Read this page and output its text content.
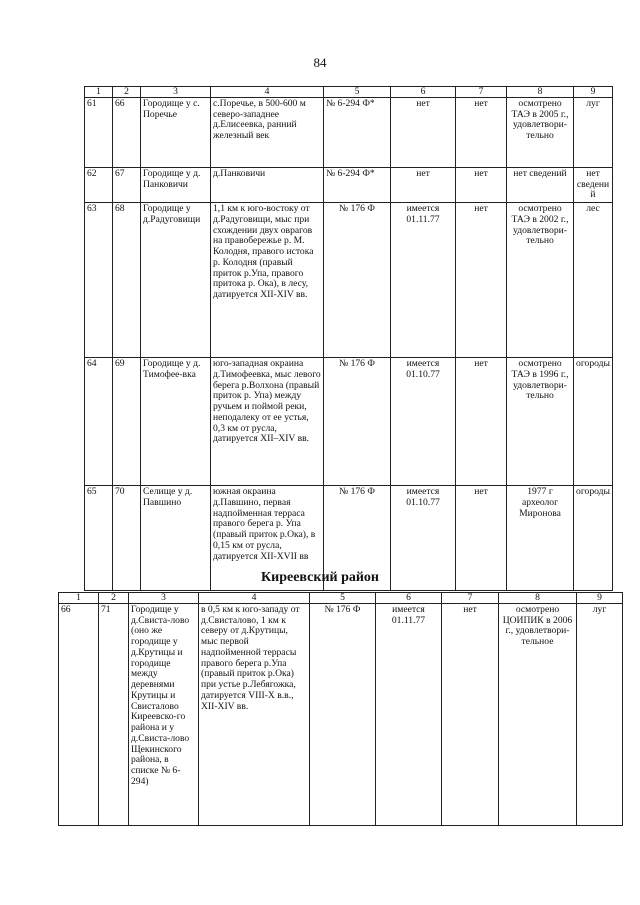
84
1	2	3	4	5	6	7	8	9
61	66	Городище у с. Поречье	с.Поречье, в 500-600 м северо-западнее д.Елисеевка, ранний железный век	№ 6-294 Ф*	нет	нет	осмотрено ТАЭ в 2005 г., удовлетвори-тельно	луг
62	67	Городище у д. Панковичи	д.Панковичи	№ 6-294 Ф*	нет	нет	нет сведений	нет сведений
63	68	Городище у д.Радуговищи	1,1 км к юго-востоку от д.Радуговищи, мыс при схождении двух оврагов на правобережье р. М. Колодня, правого истока р. Колодня (правый приток р.Упа, правого притока р. Ока), в лесу, датируется XII-XIV вв.	№ 176 Ф	имеется 01.11.77	нет	осмотрено ТАЭ в 2002 г., удовлетвори-тельно	лес
64	69	Городище у д. Тимофее-вка	юго-западная окраина д.Тимофеевка, мыс левого берега р.Волхона (правый приток р. Упа) между ручьем и поймой реки, неподалеку от ее устья, 0,3 км от русла, датируется XII–XIV вв.	№ 176 Ф	имеется 01.10.77	нет	осмотрено ТАЭ в 1996 г., удовлетвори-тельно	огороды
65	70	Селище у д. Павшино	южная окраина д.Павшино, первая надпойменная терраса правого берега р. Упа (правый приток р.Ока), в 0,15 км от русла, датируется XII-XVII вв	№ 176 Ф	имеется 01.10.77	нет	1977 г археолог Миронова	огороды
Киреевский район
1	2	3	4	5	6	7	8	9
66	71	Городище у д.Свиста-лово (оно же городище у д.Крутицы и городище между деревнями Крутицы и Свисталово Киреевско-го района и у д.Свиста-лово Щекинского района, в списке № 6-294)	в 0,5 км к юго-западу от д.Свисталово, 1 км к северу от д.Крутицы, мыс первой надпойменной террасы правого берега р.Упа (правый приток р.Ока) при устье р.Лебягожка, датируется VIII-X в.в., XII-XIV вв.	№ 176 Ф	имеется 01.11.77	нет	осмотрено ЦОИПИК в 2006 г., удовлетвори-тельное	луг
